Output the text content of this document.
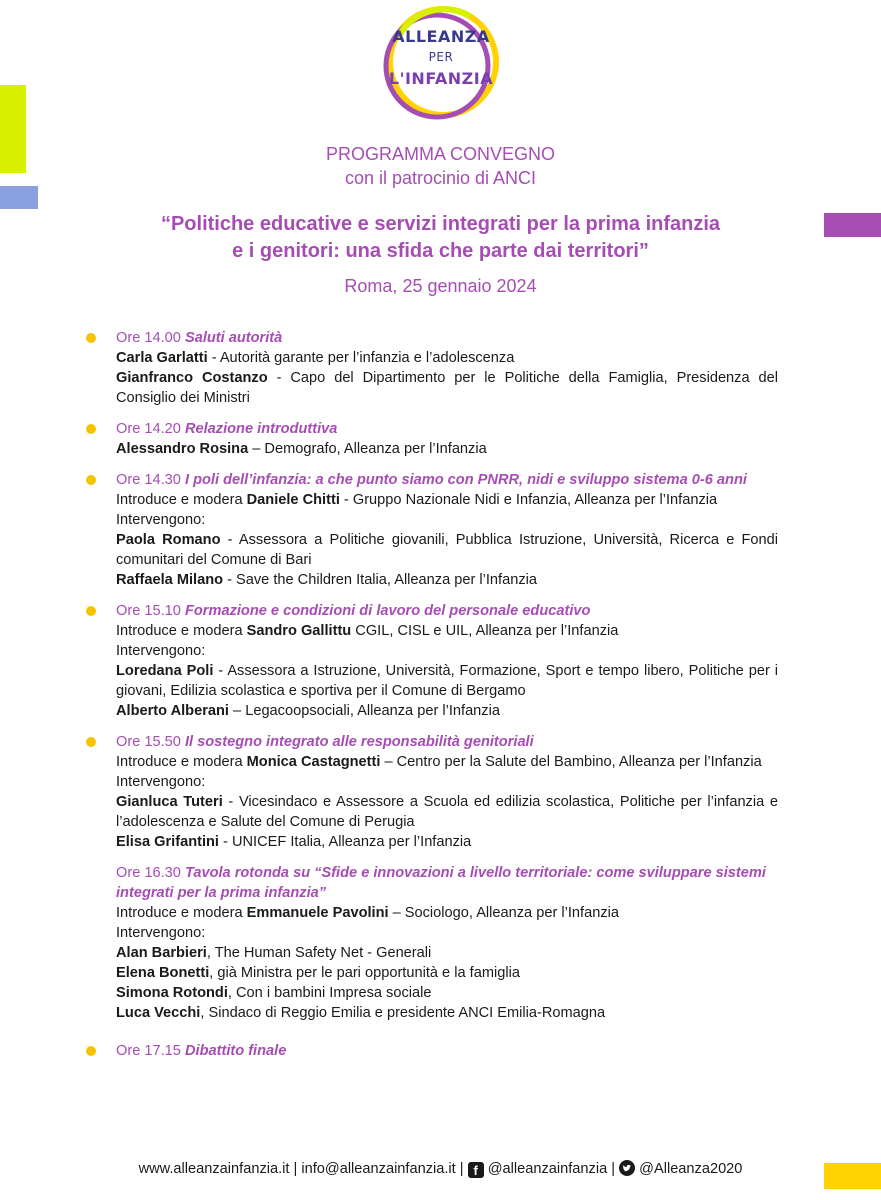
ALLEANZA
PER
L'INFANZIA
PROGRAMMA CONVEGNO
con il patrocinio di ANCI
“Politiche educative e servizi integrati per la prima infanzia
e i genitori: una sfida che parte dai territori”
Roma, 25 gennaio 2024
Ore 14.00 Saluti autorità
Carla Garlatti - Autorità garante per l’infanzia e l’adolescenza
Gianfranco Costanzo - Capo del Dipartimento per le Politiche della Famiglia, Presidenza del Consiglio dei Ministri
Ore 14.20 Relazione introduttiva
Alessandro Rosina – Demografo, Alleanza per l’Infanzia
Ore 14.30 I poli dell’infanzia: a che punto siamo con PNRR, nidi e sviluppo sistema 0-6 anni
Introduce e modera Daniele Chitti - Gruppo Nazionale Nidi e Infanzia, Alleanza per l’Infanzia
Intervengono:
Paola Romano - Assessora a Politiche giovanili, Pubblica Istruzione, Università, Ricerca e Fondi comunitari del Comune di Bari
Raffaela Milano - Save the Children Italia, Alleanza per l’Infanzia
Ore 15.10 Formazione e condizioni di lavoro del personale educativo
Introduce e modera Sandro Gallittu CGIL, CISL e UIL, Alleanza per l’Infanzia
Intervengono:
Loredana Poli - Assessora a Istruzione, Università, Formazione, Sport e tempo libero, Politiche per i giovani, Edilizia scolastica e sportiva per il Comune di Bergamo
Alberto Alberani – Legacoopsociali, Alleanza per l’Infanzia
Ore 15.50 Il sostegno integrato alle responsabilità genitoriali
Introduce e modera Monica Castagnetti – Centro per la Salute del Bambino, Alleanza per l’Infanzia
Intervengono:
Gianluca Tuteri - Vicesindaco e Assessore a Scuola ed edilizia scolastica, Politiche per l’infanzia e l’adolescenza e Salute del Comune di Perugia
Elisa Grifantini - UNICEF Italia, Alleanza per l’Infanzia
Ore 16.30 Tavola rotonda su “Sfide e innovazioni a livello territoriale: come sviluppare sistemi integrati per la prima infanzia”
Introduce e modera Emmanuele Pavolini – Sociologo, Alleanza per l’Infanzia
Intervengono:
Alan Barbieri, The Human Safety Net - Generali
Elena Bonetti, già Ministra per le pari opportunità e la famiglia
Simona Rotondi, Con i bambini Impresa sociale
Luca Vecchi, Sindaco di Reggio Emilia e presidente ANCI Emilia-Romagna
Ore 17.15 Dibattito finale
www.alleanzainfanzia.it | info@alleanzainfanzia.it | f @alleanzainfanzia |  @Alleanza2020
